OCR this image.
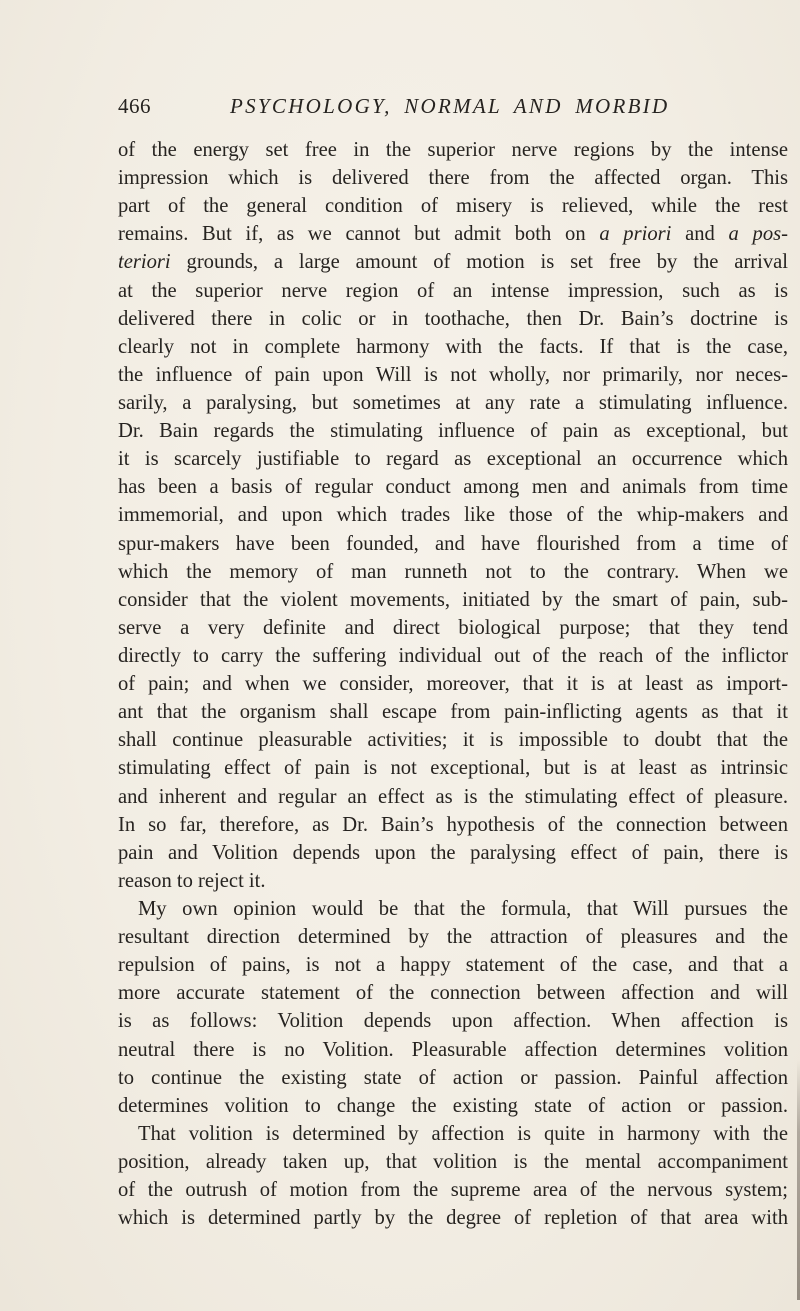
466	PSYCHOLOGY, NORMAL AND MORBID
of the energy set free in the superior nerve regions by the intense
impression which is delivered there from the affected organ. This
part of the general condition of misery is relieved, while the rest
remains. But if, as we cannot but admit both on a priori and a pos-
teriori grounds, a large amount of motion is set free by the arrival
at the superior nerve region of an intense impression, such as is
delivered there in colic or in toothache, then Dr. Bain’s doctrine is
clearly not in complete harmony with the facts. If that is the case,
the influence of pain upon Will is not wholly, nor primarily, nor neces-
sarily, a paralysing, but sometimes at any rate a stimulating influence.
Dr. Bain regards the stimulating influence of pain as exceptional, but
it is scarcely justifiable to regard as exceptional an occurrence which
has been a basis of regular conduct among men and animals from time
immemorial, and upon which trades like those of the whip-makers and
spur-makers have been founded, and have flourished from a time of
which the memory of man runneth not to the contrary. When we
consider that the violent movements, initiated by the smart of pain, sub-
serve a very definite and direct biological purpose; that they tend
directly to carry the suffering individual out of the reach of the inflictor
of pain; and when we consider, moreover, that it is at least as import-
ant that the organism shall escape from pain-inflicting agents as that it
shall continue pleasurable activities; it is impossible to doubt that the
stimulating effect of pain is not exceptional, but is at least as intrinsic
and inherent and regular an effect as is the stimulating effect of pleasure.
In so far, therefore, as Dr. Bain’s hypothesis of the connection between
pain and Volition depends upon the paralysing effect of pain, there is
reason to reject it.
My own opinion would be that the formula, that Will pursues the
resultant direction determined by the attraction of pleasures and the
repulsion of pains, is not a happy statement of the case, and that a
more accurate statement of the connection between affection and will
is as follows: Volition depends upon affection. When affection is
neutral there is no Volition. Pleasurable affection determines volition
to continue the existing state of action or passion. Painful affection
determines volition to change the existing state of action or passion.
That volition is determined by affection is quite in harmony with the
position, already taken up, that volition is the mental accompaniment
of the outrush of motion from the supreme area of the nervous system;
which is determined partly by the degree of repletion of that area with
